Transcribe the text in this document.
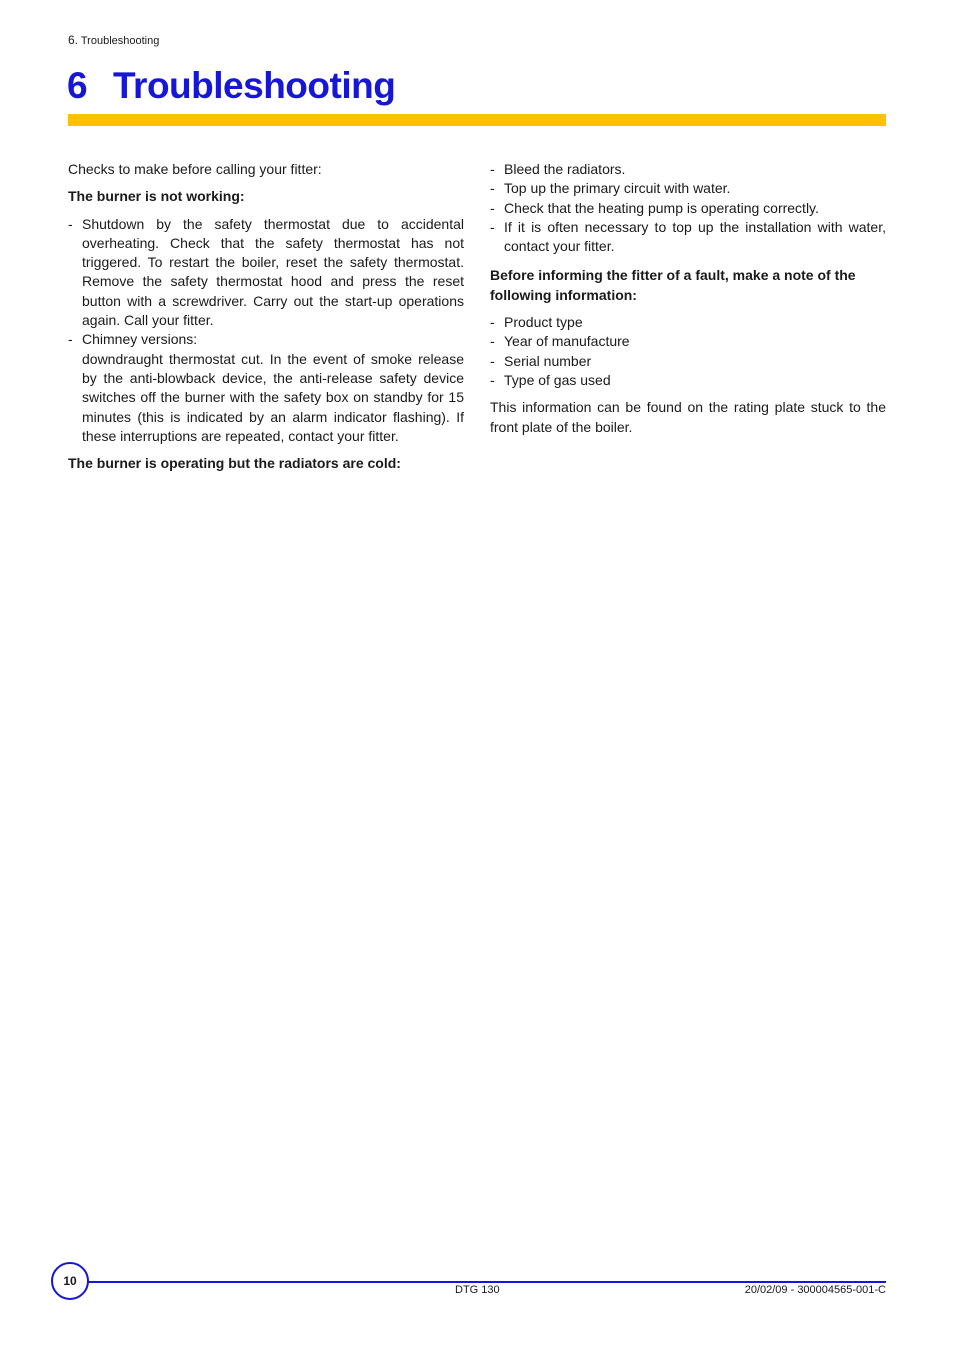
6. Troubleshooting
6 Troubleshooting

Checks to make before calling your fitter:

The burner is not working:

- Shutdown by the safety thermostat due to accidental overheating. Check that the safety thermostat has not triggered. To restart the boiler, reset the safety thermostat. Remove the safety thermostat hood and press the reset button with a screwdriver. Carry out the start-up operations again. Call your fitter.
- Chimney versions:
downdraught thermostat cut. In the event of smoke release by the anti-blowback device, the anti-release safety device switches off the burner with the safety box on standby for 15 minutes (this is indicated by an alarm indicator flashing). If these interruptions are repeated, contact your fitter.

The burner is operating but the radiators are cold:

- Bleed the radiators.
- Top up the primary circuit with water.
- Check that the heating pump is operating correctly.
- If it is often necessary to top up the installation with water, contact your fitter.

Before informing the fitter of a fault, make a note of the following information:

- Product type
- Year of manufacture
- Serial number
- Type of gas used

This information can be found on the rating plate stuck to the front plate of the boiler.

10
DTG 130	20/02/09 - 300004565-001-C
